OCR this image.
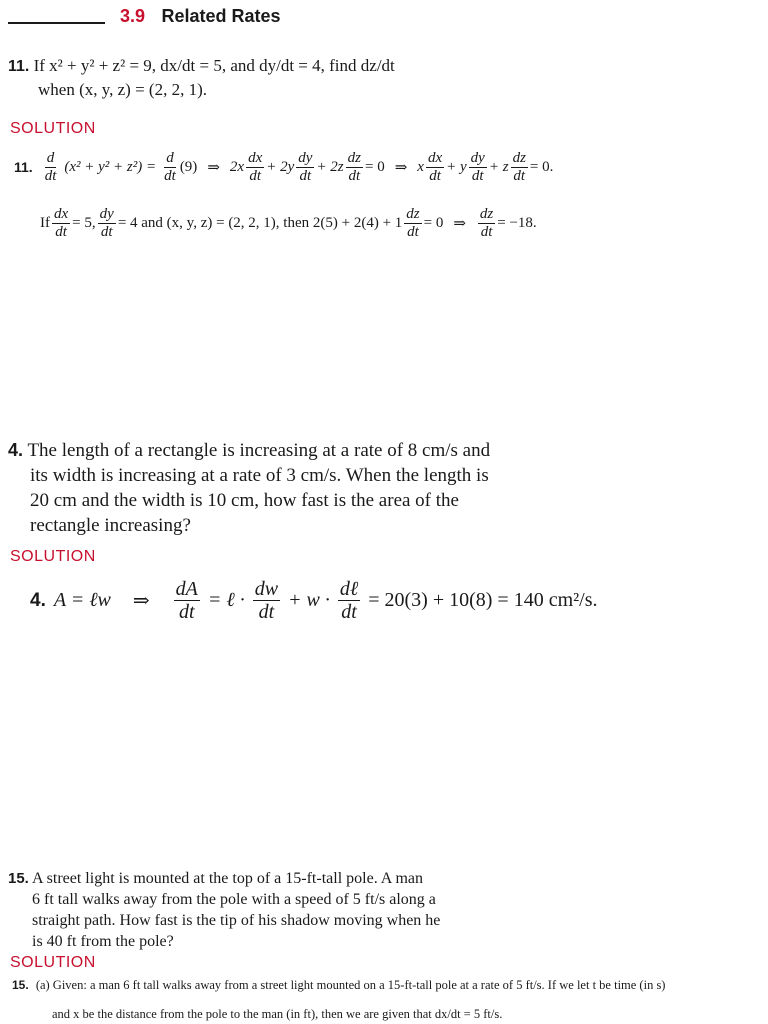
3.9 Related Rates
11. If x² + y² + z² = 9, dx/dt = 5, and dy/dt = 4, find dz/dt
when (x, y, z) = (2, 2, 1).
SOLUTION
11. $\frac{d}{dt} (x^2 + y^2 + z^2) = \frac{d}{dt} (9)$ ⇒ $2x \frac{dx}{dt} + 2y \frac{dy}{dt} + 2z \frac{dz}{dt} = 0$ ⇒ x $\frac{dx}{dt} + y \frac{dy}{dt} + z \frac{dz}{dt} = 0$.
If $\frac{dx}{dt} = 5$, $\frac{dy}{dt} = 4$ and (x, y, z) = (2, 2, 1), then $2(5) + 2(4) + 1 \frac{dz}{dt} = 0$ ⇒ $\frac{dz}{dt} = -18$.
4. The length of a rectangle is increasing at a rate of 8 cm/s and
its width is increasing at a rate of 3 cm/s. When the length is
20 cm and the width is 10 cm, how fast is the area of the
rectangle increasing?
SOLUTION
4. A = ℓw ⇒ $\frac{dA}{dt}$ = ℓ · $\frac{dw}{dt} + w \cdot \frac{\text{dℓ}}{dt} = 20(3) + 10(8) = 140$ cm²/s.
15. A street light is mounted at the top of a 15-ft-tall pole. A man
6 ft tall walks away from the pole with a speed of 5 ft/s along a
straight path. How fast is the tip of his shadow moving when he
is 40 ft from the pole?
SOLUTION
15. (a) Given: a man 6 ft tall walks away from a street light mounted on a 15-ft-tall pole at a rate of 5 ft/s. If we let t be time (in s)
and x be the distance from the pole to the man (in ft), then we are given that dx/dt = 5 ft/s.
